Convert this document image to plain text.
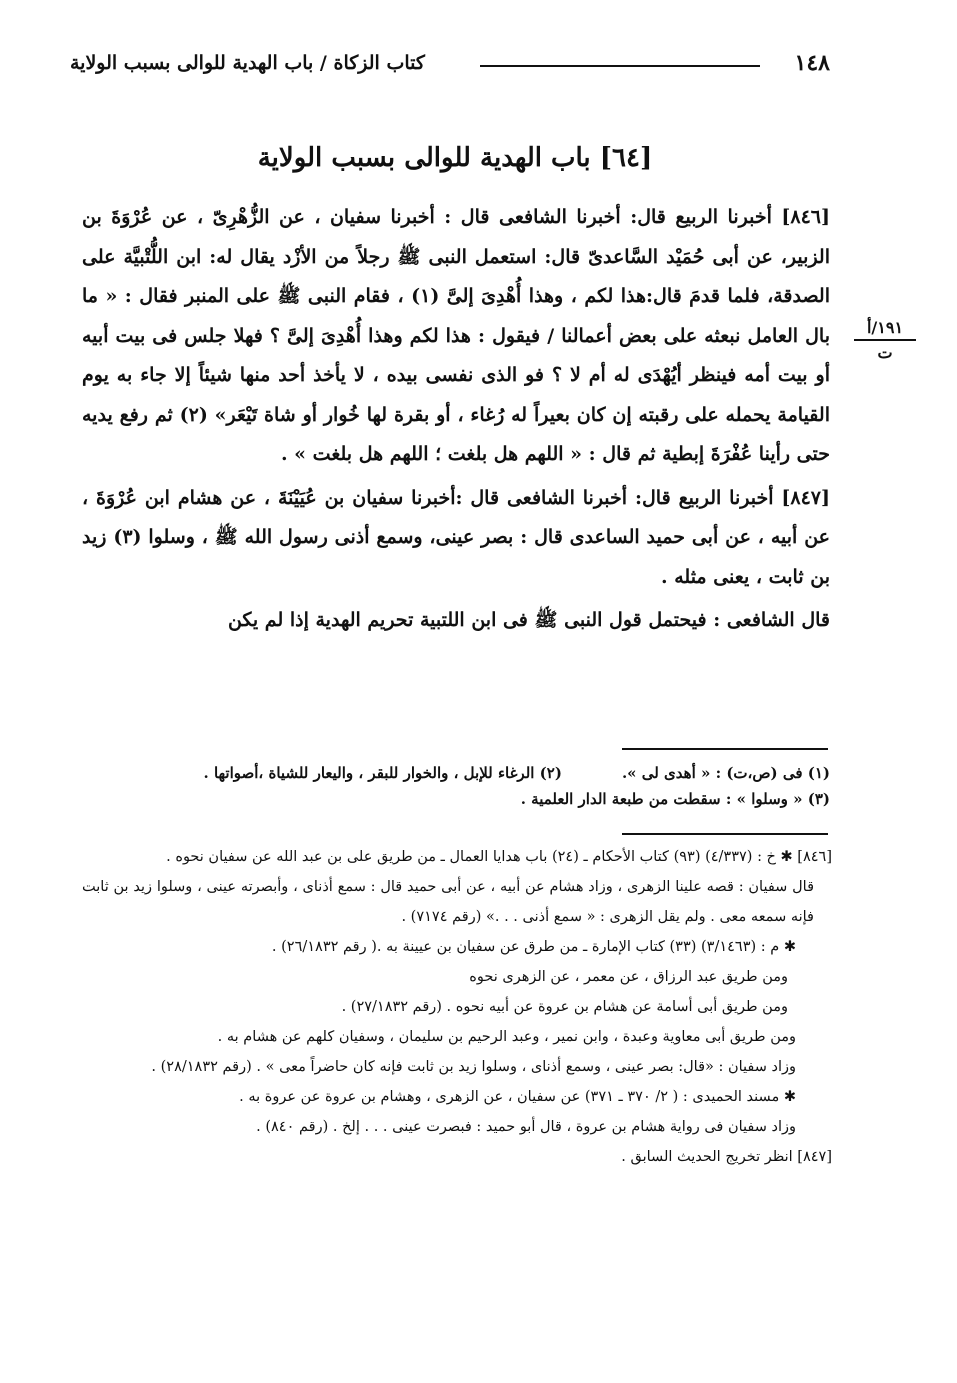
١٤٨
كتاب الزكاة / باب الهدية للوالى بسبب الولاية
[٦٤] باب الهدية للوالى بسبب الولاية
١٩١/أ
ت

[٨٤٦] أخبرنا الربيع قال: أخبرنا الشافعى قال : أخبرنا سفيان ، عن الزُّهْرِىّ ، عن عُرْوَةَ بن الزبير، عن أبى حُمَيْد السَّاعدىّ قال: استعمل النبى ﷺ رجلاً من الأزْد يقال له: ابن اللُّتْبيَّة على الصدقة، فلما قدمَ قال:هذا لكم ، وهذا أُهْدِىَ إلىَّ (١) ، فقام النبى ﷺ على المنبر فقال : « ما بال العامل نبعثه على بعض أعمالنا / فيقول : هذا لكم وهذا أُهْدِىَ إلىَّ ؟ فهلا جلس فى بيت أبيه أو بيت أمه فينظر أيُهْدَى له أم لا ؟ فو الذى نفسى بيده ، لا يأخذ أحد منها شيئاً إلا جاء به يوم القيامة يحمله على رقبته إن كان بعيراً له رُغاء ، أو بقرة لها خُوار أو شاة تَيْعَر» (٢) ثم رفع يديه حتى رأينا عُفْرَةَ إبطية ثم قال : « اللهم هل بلغت ؛ اللهم هل بلغت » .

[٨٤٧] أخبرنا الربيع قال: أخبرنا الشافعى قال :أخبرنا سفيان بن عُيَيْنَةَ ، عن هشام ابن عُرْوَةَ ، عن أبيه ، عن أبى حميد الساعدى قال : بصر عينى، وسمع أذنى رسول الله ﷺ ، وسلوا (٣) زيد بن ثابت ، يعنى مثله .

قال الشافعى : فيحتمل قول النبى ﷺ فى ابن اللتبية تحريم الهدية إذا لم يكن

(١) فى (ص،ت) : « أهدى لى ».
(٢) الرغاء للإبل ، والخوار للبقر ، واليعار للشياة ،أصواتها .
(٣) « وسلوا » : سقطت من طبعة الدار العلمية .

[٨٤٦] ✱ خ : (٤/٣٣٧) (٩٣) كتاب الأحكام ـ (٢٤) باب هدايا العمال ـ من طريق على بن عبد الله عن سفيان نحوه .

قال سفيان : قصه علينا الزهرى ، وزاد هشام عن أبيه ، عن أبى حميد قال : سمع أذناى ، وأبصرته عينى ، وسلوا زيد بن ثابت فإنه سمعه معى . ولم يقل الزهرى : « سمع أذنى . . .» (رقم ٧١٧٤) .

✱ م : (٣/١٤٦٣) (٣٣) كتاب الإمارة ـ من طرق عن سفيان بن عيينة به .( رقم ٢٦/١٨٣٢) .

ومن طريق عبد الرزاق ، عن معمر ، عن الزهرى نحوه

ومن طريق أبى أسامة عن هشام بن عروة عن أبيه نحوه . (رقم ٢٧/١٨٣٢) .

ومن طريق أبى معاوية وعبدة ، وابن نمير ، وعبد الرحيم بن سليمان ، وسفيان كلهم عن هشام به .

وزاد سفيان : «قال: بصر عينى ، وسمع أذناى ، وسلوا زيد بن ثابت فإنه كان حاضراً معى » . (رقم ٢٨/١٨٣٢) .

✱ مسند الحميدى : ( ٢/ ٣٧٠ ـ ٣٧١) عن سفيان ، عن الزهرى ، وهشام بن عروة عن عروة به .

وزاد سفيان فى رواية هشام بن عروة ، قال أبو حميد : فبصرت عينى . . . إلخ . (رقم ٨٤٠) .

[٨٤٧] انظر تخريج الحديث السابق .
